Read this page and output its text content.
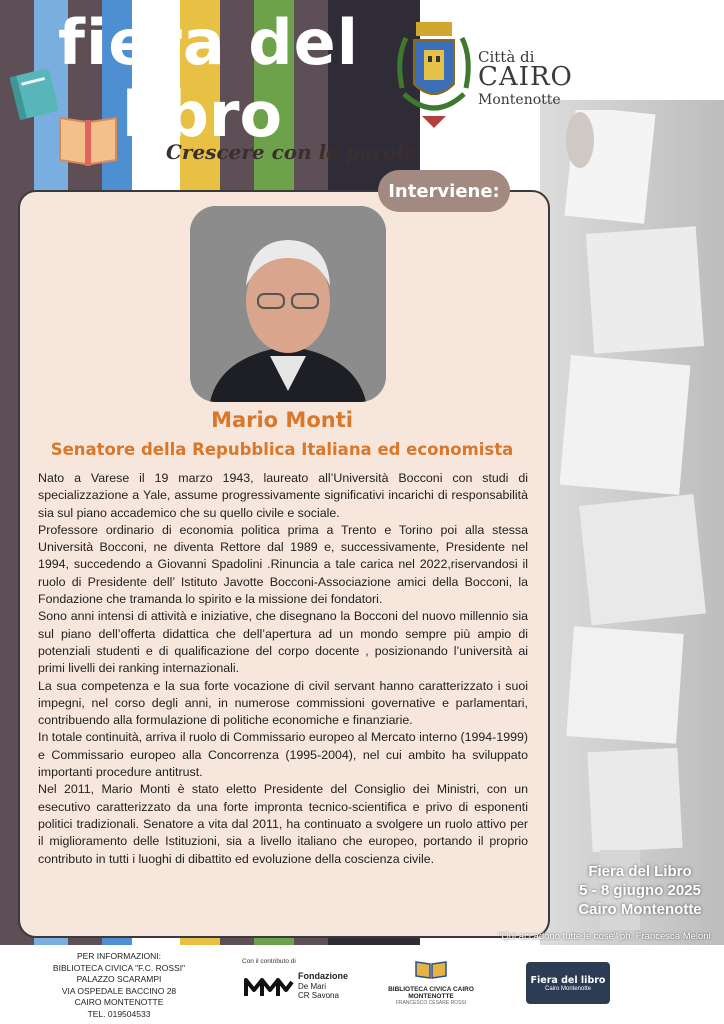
fiera del
libro
Crescere con le parole
Città di
CAIRO
Montenotte
Interviene:
Mario Monti
Senatore della Repubblica Italiana ed economista

Nato a Varese il 19 marzo 1943, laureato all’Università Bocconi con studi di specializzazione a Yale, assume progressivamente significativi incarichi di responsabilità sia sul piano accademico che su quello civile e sociale.

Professore ordinario di economia politica prima a Trento e Torino poi alla stessa Università Bocconi, ne diventa Rettore dal 1989 e, successivamente, Presidente nel 1994, succedendo a Giovanni Spadolini .Rinuncia a tale carica nel 2022,riservandosi il ruolo di Presidente dell’ Istituto Javotte Bocconi-Associazione amici della Bocconi, la Fondazione che tramanda lo spirito e la missione dei fondatori.

Sono anni intensi di attività e iniziative, che disegnano la Bocconi del nuovo millennio sia sul piano dell’offerta didattica che dell’apertura ad un mondo sempre più ampio di potenziali studenti e di qualificazione del corpo docente , posizionando l’università ai primi livelli dei ranking internazionali.

La sua competenza e la sua forte vocazione di civil servant hanno caratterizzato i suoi impegni, nel corso degli anni, in numerose commissioni governative e parlamentari, contribuendo alla formulazione di politiche economiche e finanziarie.

In totale continuità, arriva il ruolo di Commissario europeo al Mercato interno (1994-1999) e Commissario europeo alla Concorrenza (1995-2004), nel cui ambito ha sviluppato importanti procedure antitrust.

Nel 2011, Mario Monti è stato eletto Presidente del Consiglio dei Ministri, con un esecutivo caratterizzato da una forte impronta tecnico-scientifica e privo di esponenti politici tradizionali. Senatore a vita dal 2011, ha continuato a svolgere un ruolo attivo per il miglioramento delle Istituzioni, sia a livello italiano che europeo, portando il proprio contributo in tutti i luoghi di dibattito ed evoluzione della coscienza civile.

Fiera del Libro
5 - 8 giugno 2025
Cairo Montenotte
"Qui accadono tutte le cose" ph. Francesca Meloni
PER INFORMAZIONI:
BIBLIOTECA CIVICA "F.C. ROSSI"
PALAZZO SCARAMPI
VIA OSPEDALE BACCINO 28
CAIRO MONTENOTTE
TEL. 019504533
Con il contributo di
Fondazione
De Mari
CR Savona
BIBLIOTECA CIVICA CAIRO MONTENOTTE
FRANCESCO CESARE ROSSI
Fiera del libro
Cairo Montenotte
